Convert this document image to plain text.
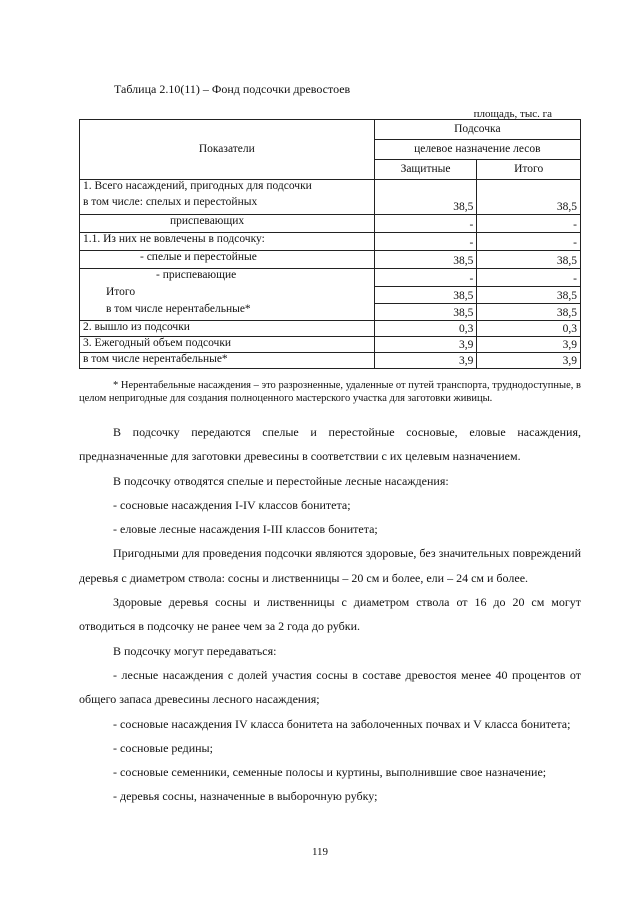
Таблица 2.10(11) – Фонд подсочки древостоев
площадь, тыс. га
Показатели	Подсочка	
	целевое назначение лесов	
	Защитные	Итого
1. Всего насаждений, пригодных для подсочки		
в том числе: спелых и перестойных	38,5	38,5
приспевающих	-	-
1.1. Из них не вовлечены в подсочку:	-	-
- спелые и перестойные	38,5	38,5
- приспевающие	-	-
Итого	38,5	38,5
в том числе нерентабельные*	38,5	38,5
2. вышло из подсочки	0,3	0,3
3. Ежегодный объем подсочки	3,9	3,9
в том числе нерентабельные*	3,9	3,9
* Нерентабельные насаждения – это разрозненные, удаленные от путей транспорта, труднодоступные, в целом непригодные для создания полноценного мастерского участка для заготовки живицы.

В подсочку передаются спелые и перестойные сосновые, еловые насаждения, предназначенные для заготовки древесины в соответствии с их целевым назначением.

В подсочку отводятся спелые и перестойные лесные насаждения:

- сосновые насаждения I-IV классов бонитета;

- еловые лесные насаждения I-III классов бонитета;

Пригодными для проведения подсочки являются здоровые, без значительных повреждений деревья с диаметром ствола: сосны и лиственницы – 20 см и более, ели – 24 см и более.

Здоровые деревья сосны и лиственницы с диаметром ствола от 16 до 20 см могут отводиться в подсочку не ранее чем за 2 года до рубки.

В подсочку могут передаваться:

- лесные насаждения с долей участия сосны в составе древостоя менее 40 процентов от общего запаса древесины лесного насаждения;

- сосновые насаждения IV класса бонитета на заболоченных почвах и V класса бонитета;

- сосновые редины;

- сосновые семенники, семенные полосы и куртины, выполнившие свое назначение;

- деревья сосны, назначенные в выборочную рубку;

119
